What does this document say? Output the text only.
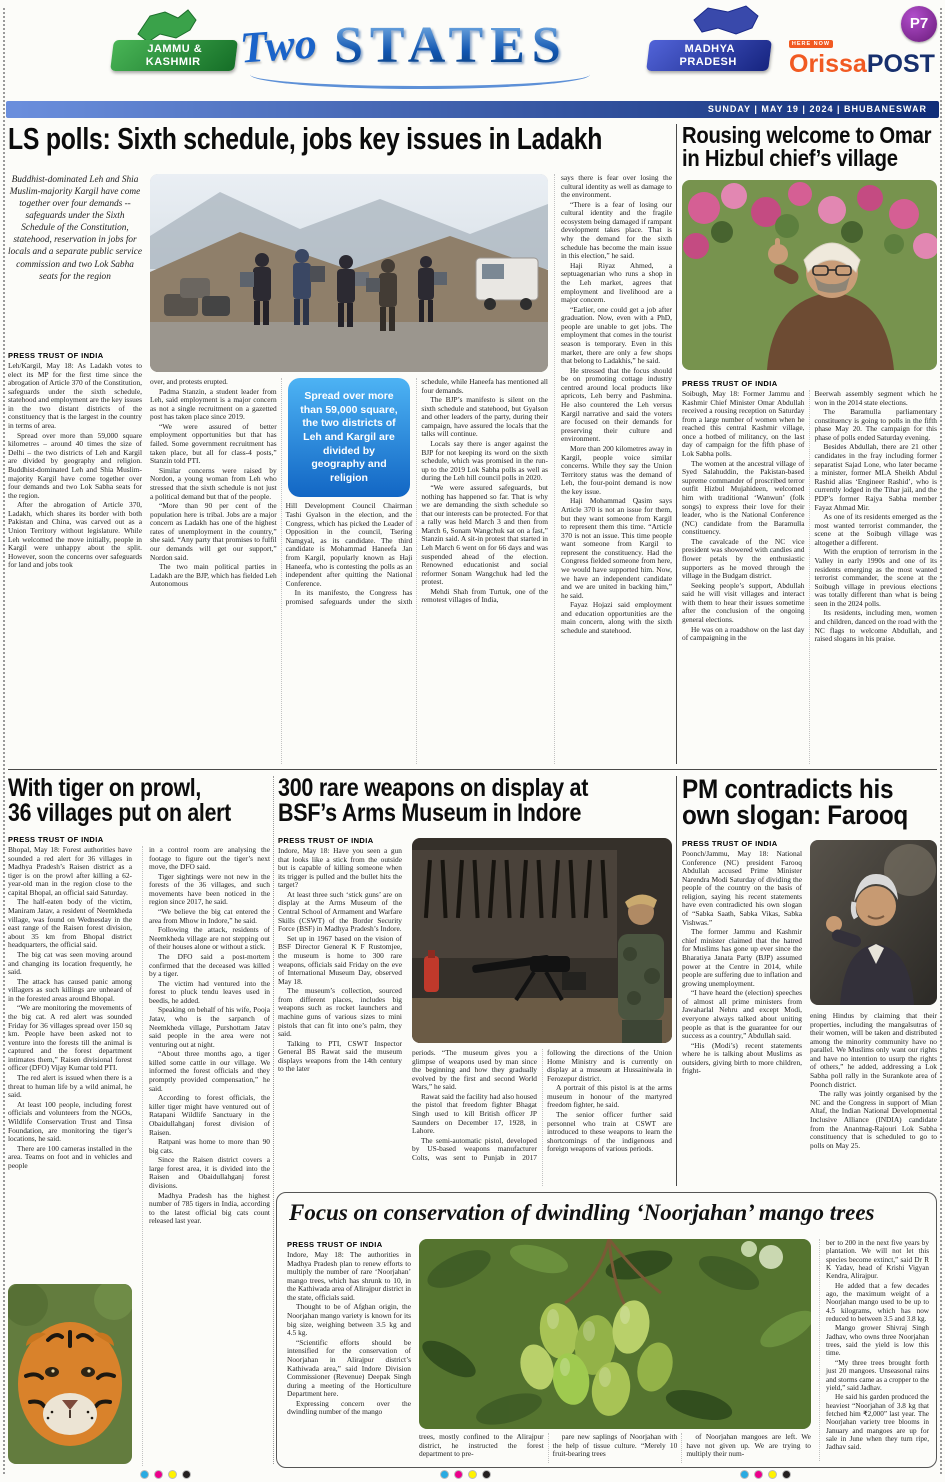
P7
JAMMU &
KASHMIR Two STATES	MADHYA
PRADESH
HERE NOW
OrissaPOST
SUNDAY | MAY 19 | 2024 | BHUBANESWAR
LS polls: Sixth schedule, jobs key issues in Ladakh
Buddhist-dominated Leh and Shia Muslim-majority Kargil have come together over four demands -- safeguards under the Sixth Schedule of the Constitution, statehood, reservation in jobs for locals and a separate public service commission and two Lok Sabha seats for the region
PRESS TRUST OF INDIA

Leh/Kargil, May 18: As Ladakh votes to elect its MP for the first time since the abrogation of Article 370 of the Constitution, safeguards under the sixth schedule, statehood and employment are the key issues in the two distant districts of the constituency that is the largest in the country in terms of area.

Spread over more than 59,000 square kilometres – around 40 times the size of Delhi – the two districts of Leh and Kargil are divided by geography and religion. Buddhist-dominated Leh and Shia Muslim-majority Kargil have come together over four demands and two Lok Sabha seats for the region.

After the abrogation of Article 370, Ladakh, which shares its border with both Pakistan and China, was carved out as a Union Territory without legislature. While Leh welcomed the move initially, people in Kargil were unhappy about the split. However, soon the concerns over safeguards for land and jobs took

over, and protests erupted.

Padma Stanzin, a student leader from Leh, said employment is a major concern as not a single recruitment on a gazetted post has taken place since 2019.

“We were assured of better employment opportunities but that has failed. Some government recruitment has taken place, but all for class-4 posts,” Stanzin told PTI.

Similar concerns were raised by Nordon, a young woman from Leh who stressed that the sixth schedule is not just a political demand but that of the people.

“More than 90 per cent of the population here is tribal. Jobs are a major concern as Ladakh has one of the highest rates of unemployment in the country,” she said. “Any party that promises to fulfil our demands will get our support,” Nordon said.

The two main political parties in Ladakh are the BJP, which has fielded Leh Autonomous

Spread over more than 59,000 square, the two districts of Leh and Kargil are divided by geography and religion

Hill Development Council Chairman Tashi Gyalson in the election, and the Congress, which has picked the Leader of Opposition in the council, Tsering Namgyal, as its candidate. The third candidate is Mohammad Haneefa Jan from Kargil, popularly known as Haji Haneefa, who is contesting the polls as an independent after quitting the National Conference.

In its manifesto, the Congress has promised safeguards under the sixth schedule, while Haneefa has mentioned all four demands.

The BJP’s manifesto is silent on the sixth schedule and statehood, but Gyalson and other leaders of the party, during their campaign, have assured the locals that the talks will continue.

Locals say there is anger against the BJP for not keeping its word on the sixth schedule, which was promised in the run-up to the 2019 Lok Sabha polls as well as during the Leh hill council polls in 2020.

“We were assured safeguards, but nothing has happened so far. That is why we are demanding the sixth schedule so that our interests can be protected. For that a rally was held March 3 and then from March 6, Sonam Wangchuk sat on a fast,” Stanzin said. A sit-in protest that started in Leh March 6 went on for 66 days and was suspended ahead of the election. Renowned educationist and social reformer Sonam Wangchuk had led the protest.

Mehdi Shah from Turtuk, one of the remotest villages of India,

says there is fear over losing the cultural identity as well as damage to the environment.

“There is a fear of losing our cultural identity and the fragile ecosystem being damaged if rampant development takes place. That is why the demand for the sixth schedule has become the main issue in this election,” he said.

Haji Riyaz Ahmed, a septuagenarian who runs a shop in the Leh market, agrees that employment and livelihood are a major concern.

“Earlier, one could get a job after graduation. Now, even with a PhD, people are unable to get jobs. The employment that comes in the tourist season is temporary. Even in this market, there are only a few shops that belong to Ladakhis,” he said.

He stressed that the focus should be on promoting cottage industry centred around local products like apricots, Leh berry and Pashmina. He also countered the Leh versus Kargil narrative and said the voters are focused on their demands for preserving their culture and environment.

More than 200 kilometres away in Kargil, people voice similar concerns. While they say the Union Territory status was the demand of Leh, the four-point demand is now the key issue.

Haji Mohammad Qasim says Article 370 is not an issue for them, but they want someone from Kargil to represent them this time. “Article 370 is not an issue. This time people want someone from Kargil to represent the constituency. Had the Congress fielded someone from here, we would have supported him. Now, we have an independent candidate and we are united in backing him,” he said.

Fayaz Hojazi said employment and education opportunities are the main concern, along with the sixth schedule and statehood.

Rousing welcome to Omar
in Hizbul chief’s village
PRESS TRUST OF INDIA

Soibugh, May 18: Former Jammu and Kashmir Chief Minister Omar Abdullah received a rousing reception on Saturday from a large number of women when he reached this central Kashmir village, once a hotbed of militancy, on the last day of campaign for the fifth phase of Lok Sabha polls.

The women at the ancestral village of Syed Salahuddin, the Pakistan-based supreme commander of proscribed terror outfit Hizbul Mujahideen, welcomed him with traditional ‘Wanwun’ (folk songs) to express their love for their leader, who is the National Conference (NC) candidate from the Baramulla constituency.

The cavalcade of the NC vice president was showered with candies and flower petals by the enthusiastic supporters as he moved through the village in the Budgam district.

Seeking people’s support, Abdullah said he will visit villages and interact with them to hear their issues sometime after the conclusion of the ongoing general elections.

He was on a roadshow on the last day of campaigning in the

Beerwah assembly segment which he won in the 2014 state elections.

The Baramulla parliamentary constituency is going to polls in the fifth phase May 20. The campaign for this phase of polls ended Saturday evening.

Besides Abdullah, there are 21 other candidates in the fray including former separatist Sajad Lone, who later became a minister, former MLA Sheikh Abdul Rashid alias ‘Engineer Rashid’, who is currently lodged in the Tihar jail, and the PDP’s former Rajya Sabha member Fayaz Ahmad Mir.

As one of its residents emerged as the most wanted terrorist commander, the scene at the Soibugh village was altogether a different.

With the eruption of terrorism in the Valley in early 1990s and one of its residents emerging as the most wanted terrorist commander, the scene at the Soibugh village in previous elections was totally different than what is being seen in the 2024 polls.

Its residents, including men, women and children, danced on the road with the NC flags to welcome Abdullah, and raised slogans in his praise.

With tiger on prowl,
36 villages put on alert
PRESS TRUST OF INDIA

Bhopal, May 18: Forest authorities have sounded a red alert for 36 villages in Madhya Pradesh’s Raisen district as a tiger is on the prowl after killing a 62-year-old man in the region close to the capital Bhopal, an official said Saturday.

The half-eaten body of the victim, Maniram Jatav, a resident of Neemkheda village, was found on Wednesday in the east range of the Raisen forest division, about 35 km from Bhopal district headquarters, the official said.

The big cat was seen moving around and changing its location frequently, he said.

The attack has caused panic among villagers as such killings are unheard of in the forested areas around Bhopal.

“We are monitoring the movements of the big cat. A red alert was sounded Friday for 36 villages spread over 150 sq km. People have been asked not to venture into the forests till the animal is captured and the forest department intimates them,” Raisen divisional forest officer (DFO) Vijay Kumar told PTI.

The red alert is issued when there is a threat to human life by a wild animal, he said.

At least 100 people, including forest officials and volunteers from the NGOs, Wildlife Conservation Trust and Tinsa Foundation, are monitoring the tiger’s locations, he said.

There are 100 cameras installed in the area. Teams on foot and in vehicles and people

in a control room are analysing the footage to figure out the tiger’s next move, the DFO said.

Tiger sightings were not new in the forests of the 36 villages, and such movements have been noticed in the region since 2017, he said.

“We believe the big cat entered the area from Mhow in Indore,” he said.

Following the attack, residents of Neemkheda village are not stepping out of their houses alone or without a stick.

The DFO said a post-mortem confirmed that the deceased was killed by a tiger.

The victim had ventured into the forest to pluck tendu leaves used in beedis, he added.

Speaking on behalf of his wife, Pooja Jatav, who is the sarpanch of Neemkheda village, Purshottam Jatav said people in the area were not venturing out at night.

“About three months ago, a tiger killed some cattle in our village. We informed the forest officials and they promptly provided compensation,” he said.

According to forest officials, the killer tiger might have ventured out of Ratapani Wildlife Sanctuary in the Obaidullahganj forest division of Raisen.

Ratpani was home to more than 90 big cats.

Since the Raisen district covers a large forest area, it is divided into the Raisen and Obaidullahganj forest divisions.

Madhya Pradesh has the highest number of 785 tigers in India, according to the latest official big cats count released last year.

300 rare weapons on display at
BSF’s Arms Museum in Indore
PRESS TRUST OF INDIA

Indore, May 18: Have you seen a gun that looks like a stick from the outside but is capable of killing someone when its trigger is pulled and the bullet hits the target?

At least three such ‘stick guns’ are on display at the Arms Museum of the Central School of Armament and Warfare Skills (CSWT) of the Border Security Force (BSF) in Madhya Pradesh’s Indore.

Set up in 1967 based on the vision of BSF Director General K F Rustomjee, the museum is home to 300 rare weapons, officials said Friday on the eve of International Museum Day, observed May 18.

The museum’s collection, sourced from different places, includes big weapons such as rocket launchers and machine guns of various sizes to mini pistols that can fit into one’s palm, they said.

Talking to PTI, CSWT Inspector General BS Rawat said the museum displays weapons from the 14th century to the later

periods. “The museum gives you a glimpse of weapons used by man since the beginning and how they gradually evolved by the first and second World Wars,” he said.

Rawat said the facility had also housed the pistol that freedom fighter Bhagat Singh used to kill British officer JP Saunders on December 17, 1928, in Lahore.

The semi-automatic pistol, developed by US-based weapons manufacturer Colts, was sent to Punjab in 2017 following the directions of the Union Home Ministry and is currently on display at a museum at Hussainiwala in Ferozepur district.

A portrait of this pistol is at the arms museum in honour of the martyred freedom fighter, he said.

The senior officer further said personnel who train at CSWT are introduced to these weapons to learn the shortcomings of the indigenous and foreign weapons of various periods.

PM contradicts his
own slogan: Farooq
PRESS TRUST OF INDIA

Poonch/Jammu, May 18: National Conference (NC) president Farooq Abdullah accused Prime Minister Narendra Modi Saturday of dividing the people of the country on the basis of religion, saying his recent statements have even contradicted his own slogan of “Sabka Saath, Sabka Vikas, Sabka Vishwas.”

The former Jammu and Kashmir chief minister claimed that the hatred for Muslims has gone up ever since the Bharatiya Janata Party (BJP) assumed power at the Centre in 2014, while people are suffering due to inflation and growing unemployment.

“I have heard the (election) speeches of almost all prime ministers from Jawaharlal Nehru and except Modi, everyone always talked about uniting people as that is the guarantee for our success as a country,” Abdullah said.

“His (Modi’s) recent statements where he is talking about Muslims as outsiders, giving birth to more children, fright-

ening Hindus by claiming that their properties, including the mangalsutras of their women, will be taken and distributed among the minority community have no parallel. We Muslims only want our rights and have no intention to usurp the rights of others,” he added, addressing a Lok Sabha poll rally in the Surankote area of Poonch district.

The rally was jointly organised by the NC and the Congress in support of Mian Altaf, the Indian National Developmental Inclusive Alliance (INDIA) candidate from the Anantnag-Rajouri Lok Sabha constituency that is scheduled to go to polls on May 25.

Focus on conservation of dwindling ‘Noorjahan’ mango trees
PRESS TRUST OF INDIA

Indore, May 18: The authorities in Madhya Pradesh plan to renew efforts to multiply the number of rare ‘Noorjahan’ mango trees, which has shrunk to 10, in the Kathiwada area of Alirajpur district in the state, officials said.

Thought to be of Afghan origin, the Noorjahan mango variety is known for its big size, weighing between 3.5 kg and 4.5 kg.

“Scientific efforts should be intensified for the conservation of Noorjahan in Alirajpur district’s Kathiwada area,” said Indore Division Commissioner (Revenue) Deepak Singh during a meeting of the Horticulture Department here.

Expressing concern over the dwindling number of the mango

trees, mostly confined to the Alirajpur district, he instructed the forest department to pre-

pare new saplings of Noorjahan with the help of tissue culture. “Merely 10 fruit-bearing trees

of Noorjahan mangoes are left. We have not given up. We are trying to multiply their num-

ber to 200 in the next five years by plantation. We will not let this species become extinct,” said Dr R K Yadav, head of Krishi Vigyan Kendra, Alirajpur.

He added that a few decades ago, the maximum weight of a Noorjahan mango used to be up to 4.5 kilograms, which has now reduced to between 3.5 and 3.8 kg.

Mango grower Shivraj Singh Jadhav, who owns three Noorjahan trees, said the yield is low this time.

“My three trees brought forth just 20 mangoes. Unseasonal rains and storms came as a cropper to the yield,” said Jadhav.

He said his garden produced the heaviest “Noorjahan of 3.8 kg that fetched him ₹2,000” last year. The Noorjahan variety tree blooms in January and mangoes are up for sale in June when they turn ripe, Jadhav said.
